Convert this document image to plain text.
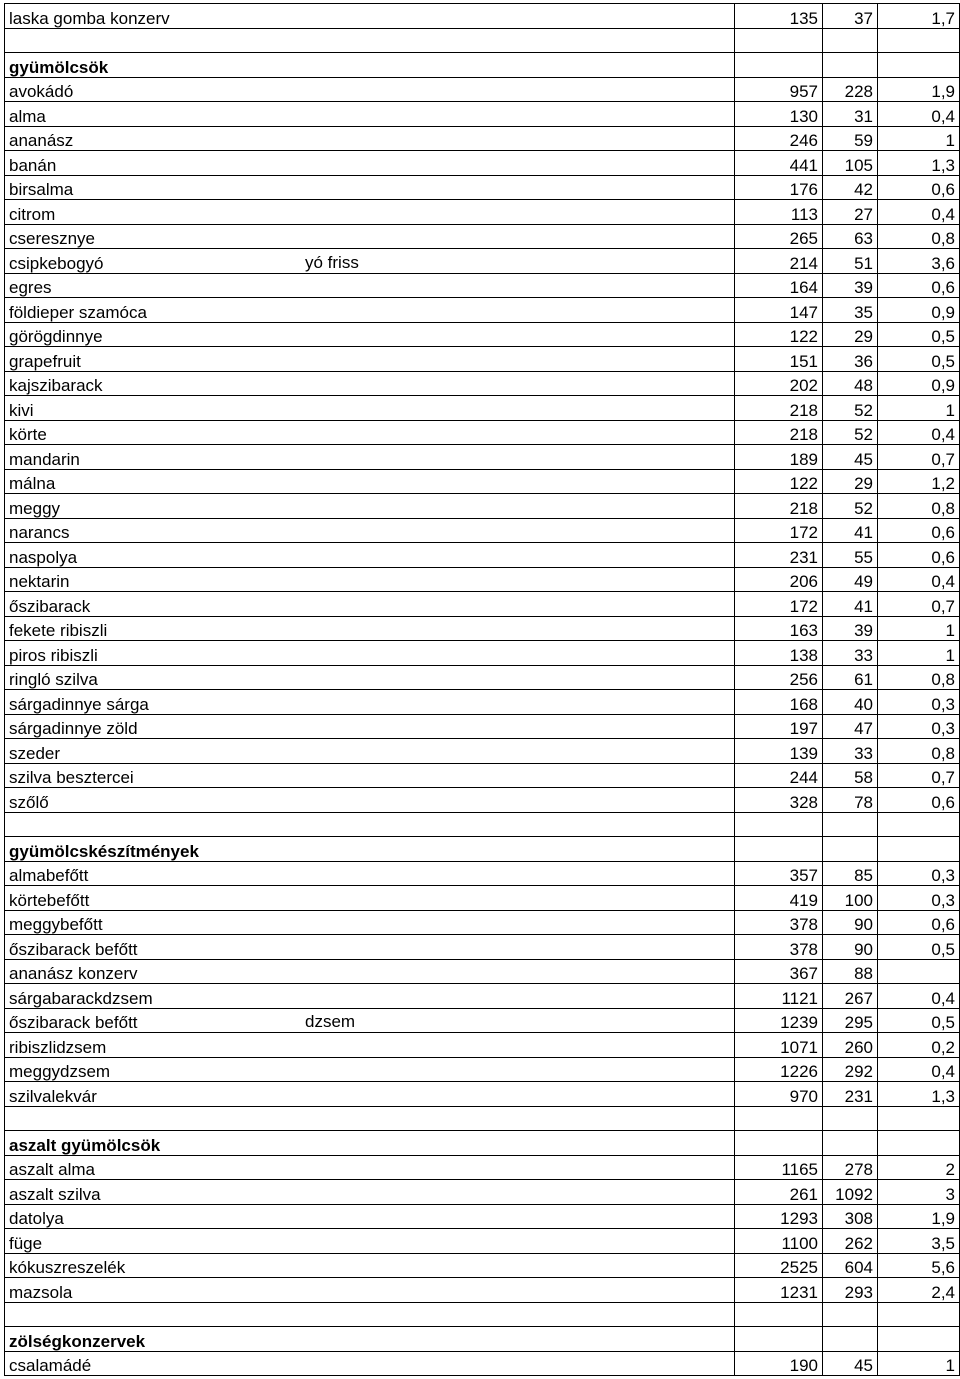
laska gomba konzerv	135	37	1,7

gyümölcsök			
avokádó	957	228	1,9
alma	130	31	0,4
ananász	246	59	1
banán	441	105	1,3
birsalma	176	42	0,6
citrom	113	27	0,4
cseresznye	265	63	0,8
csipkebogyó yó friss	214	51	3,6
egres	164	39	0,6
földieper szamóca	147	35	0,9
görögdinnye	122	29	0,5
grapefruit	151	36	0,5
kajszibarack	202	48	0,9
kivi	218	52	1
körte	218	52	0,4
mandarin	189	45	0,7
málna	122	29	1,2
meggy	218	52	0,8
narancs	172	41	0,6
naspolya	231	55	0,6
nektarin	206	49	0,4
őszibarack	172	41	0,7
fekete ribiszli	163	39	1
piros ribiszli	138	33	1
ringló szilva	256	61	0,8
sárgadinnye sárga	168	40	0,3
sárgadinnye zöld	197	47	0,3
szeder	139	33	0,8
szilva besztercei	244	58	0,7
szőlő	328	78	0,6

gyümölcskészítmények			
almabefőtt	357	85	0,3
körtebefőtt	419	100	0,3
meggybefőtt	378	90	0,6
őszibarack befőtt	378	90	0,5
ananász konzerv	367	88	
sárgabarackdzsem	1121	267	0,4
őszibarack befőtt dzsem	1239	295	0,5
ribiszlidzsem	1071	260	0,2
meggydzsem	1226	292	0,4
szilvalekvár	970	231	1,3

aszalt gyümölcsök			
aszalt alma	1165	278	2
aszalt szilva	261	1092	3
datolya	1293	308	1,9
füge	1100	262	3,5
kókuszreszelék	2525	604	5,6
mazsola	1231	293	2,4

zölségkonzervek			
csalamádé	190	45	1
